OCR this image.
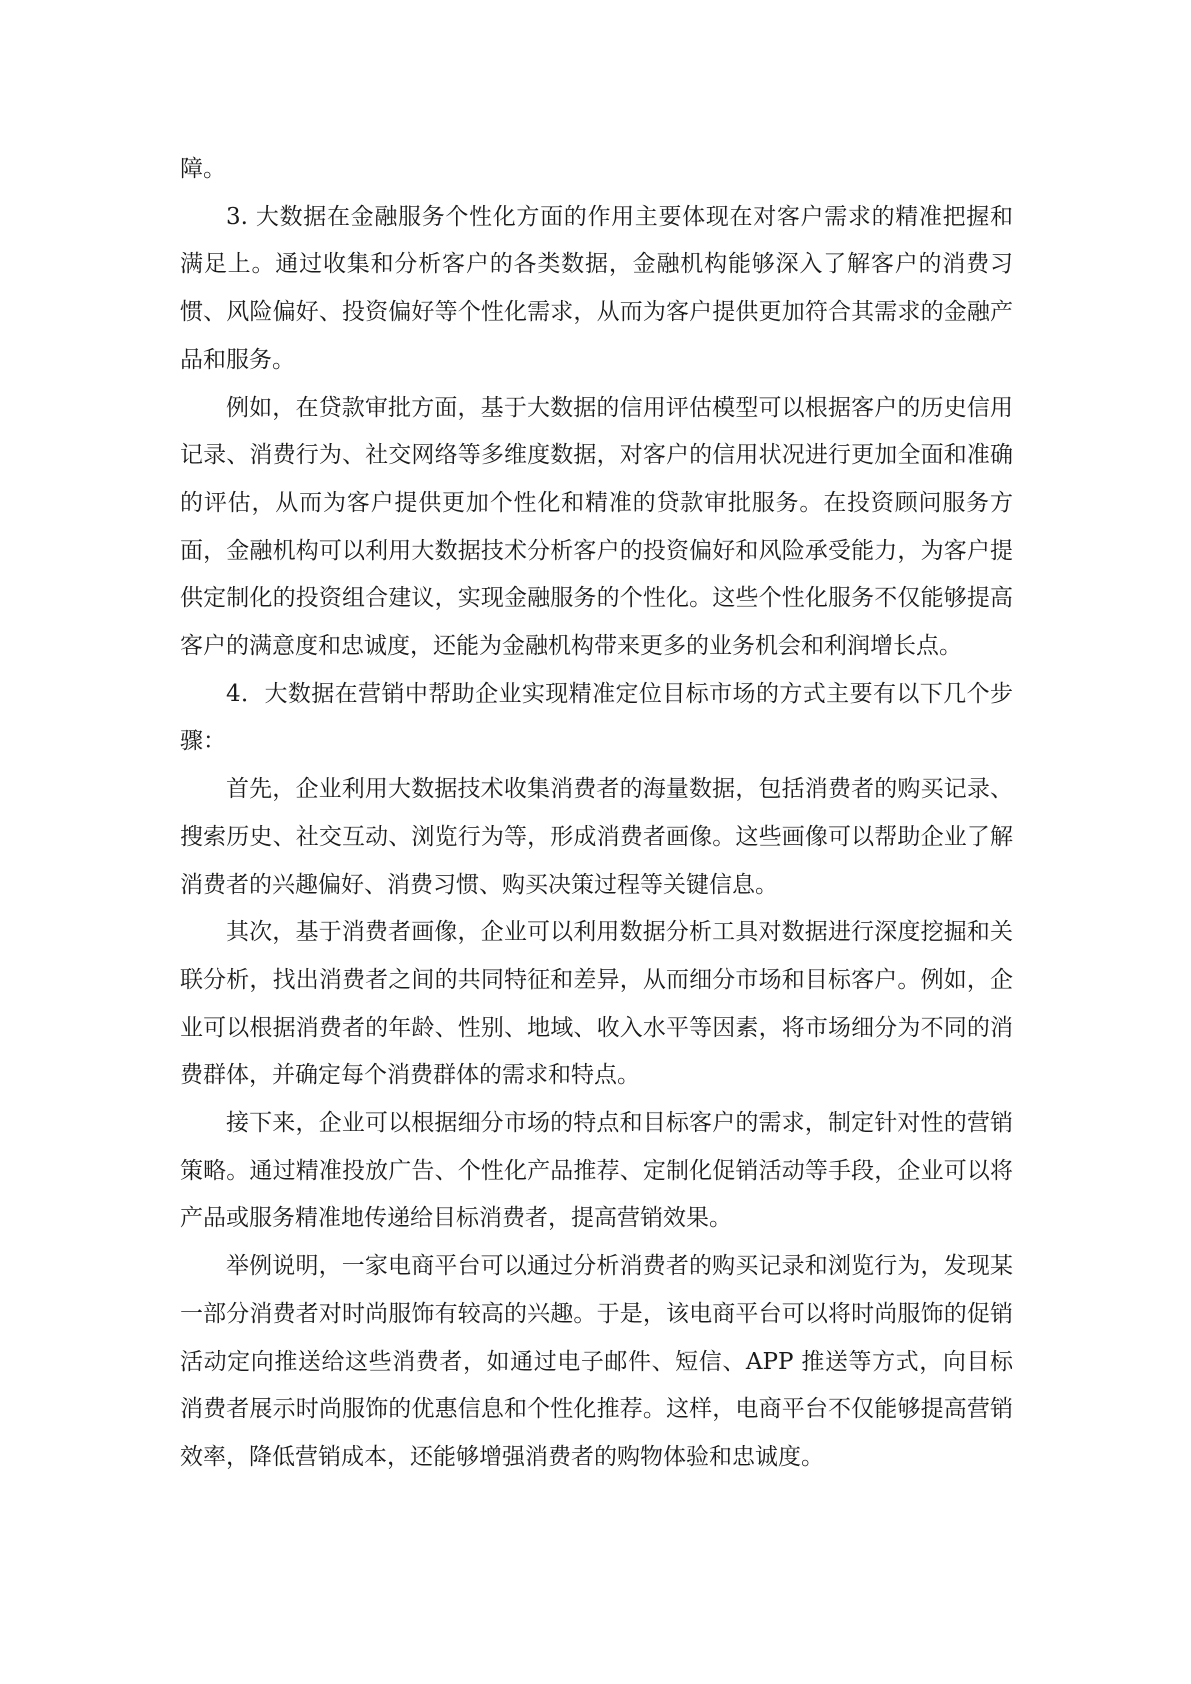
障。

3. 大数据在金融服务个性化方面的作用主要体现在对客户需求的精准把握和满足上。通过收集和分析客户的各类数据，金融机构能够深入了解客户的消费习惯、风险偏好、投资偏好等个性化需求，从而为客户提供更加符合其需求的金融产品和服务。

例如，在贷款审批方面，基于大数据的信用评估模型可以根据客户的历史信用记录、消费行为、社交网络等多维度数据，对客户的信用状况进行更加全面和准确的评估，从而为客户提供更加个性化和精准的贷款审批服务。在投资顾问服务方面，金融机构可以利用大数据技术分析客户的投资偏好和风险承受能力，为客户提供定制化的投资组合建议，实现金融服务的个性化。这些个性化服务不仅能够提高客户的满意度和忠诚度，还能为金融机构带来更多的业务机会和利润增长点。

4．大数据在营销中帮助企业实现精准定位目标市场的方式主要有以下几个步骤：

首先，企业利用大数据技术收集消费者的海量数据，包括消费者的购买记录、搜索历史、社交互动、浏览行为等，形成消费者画像。这些画像可以帮助企业了解消费者的兴趣偏好、消费习惯、购买决策过程等关键信息。

其次，基于消费者画像，企业可以利用数据分析工具对数据进行深度挖掘和关联分析，找出消费者之间的共同特征和差异，从而细分市场和目标客户。例如，企业可以根据消费者的年龄、性别、地域、收入水平等因素，将市场细分为不同的消费群体，并确定每个消费群体的需求和特点。

接下来，企业可以根据细分市场的特点和目标客户的需求，制定针对性的营销策略。通过精准投放广告、个性化产品推荐、定制化促销活动等手段，企业可以将产品或服务精准地传递给目标消费者，提高营销效果。

举例说明，一家电商平台可以通过分析消费者的购买记录和浏览行为，发现某一部分消费者对时尚服饰有较高的兴趣。于是，该电商平台可以将时尚服饰的促销活动定向推送给这些消费者，如通过电子邮件、短信、APP 推送等方式，向目标消费者展示时尚服饰的优惠信息和个性化推荐。这样，电商平台不仅能够提高营销效率，降低营销成本，还能够增强消费者的购物体验和忠诚度。
